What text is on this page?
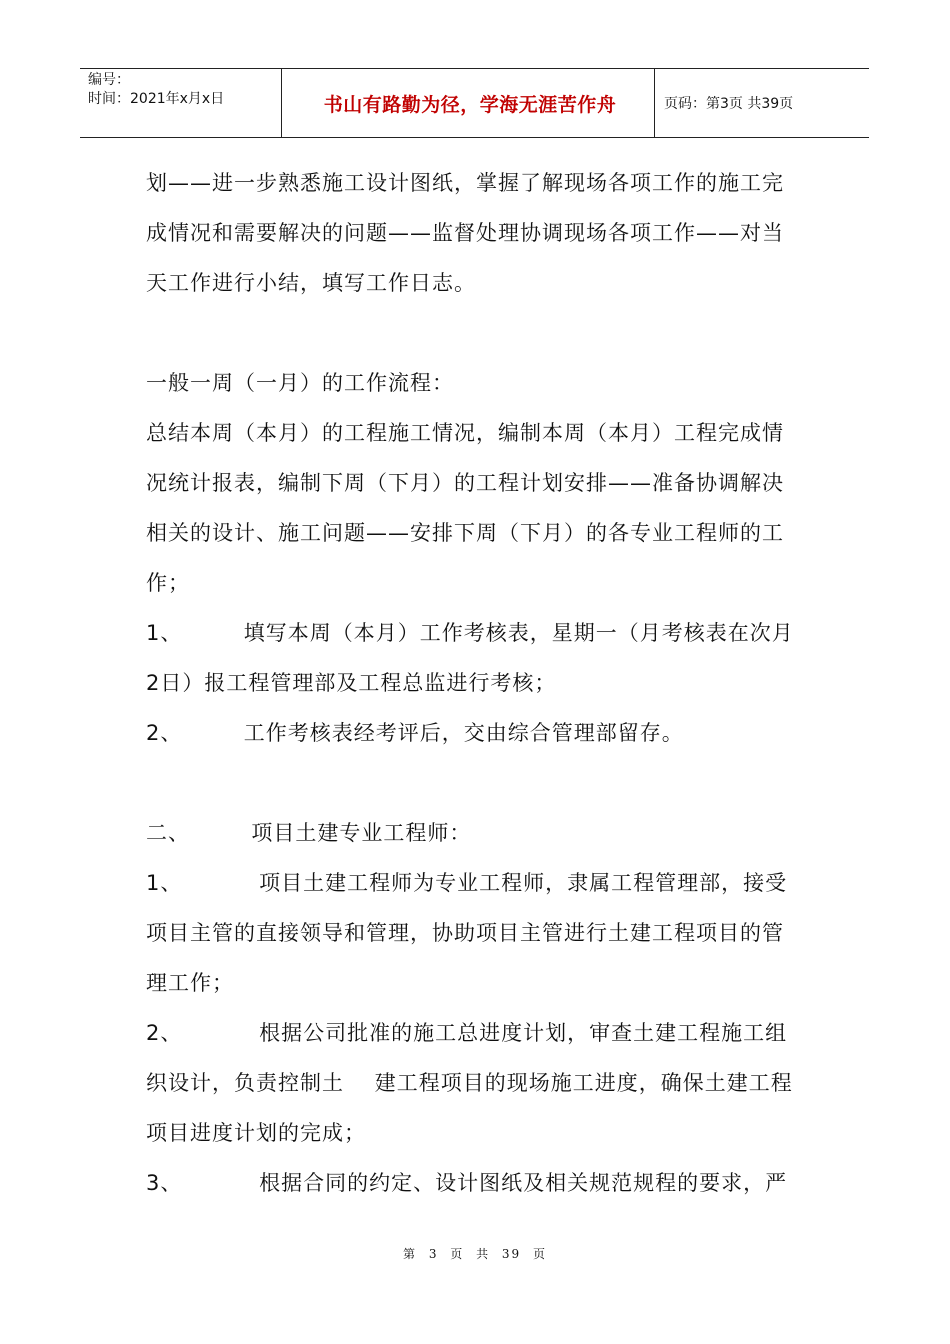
编号：
时间：2021年x月x日	书山有路勤为径，学海无涯苦作舟	页码：第3页 共39页
划——进一步熟悉施工设计图纸，掌握了解现场各项工作的施工完
成情况和需要解决的问题——监督处理协调现场各项工作——对当
天工作进行小结，填写工作日志。
一般一周（一月）的工作流程：
总结本周（本月）的工程施工情况，编制本周（本月）工程完成情
况统计报表，编制下周（下月）的工程计划安排——准备协调解决
相关的设计、施工问题——安排下周（下月）的各专业工程师的工
作；
1、        填写本周（本月）工作考核表，星期一（月考核表在次月
2日）报工程管理部及工程总监进行考核；
2、        工作考核表经考评后，交由综合管理部留存。
二、        项目土建专业工程师：
1、          项目土建工程师为专业工程师，隶属工程管理部，接受
项目主管的直接领导和管理，协助项目主管进行土建工程项目的管
理工作；
2、          根据公司批准的施工总进度计划，审查土建工程施工组
织设计，负责控制土    建工程项目的现场施工进度，确保土建工程
项目进度计划的完成；
3、          根据合同的约定、设计图纸及相关规范规程的要求，严
第 3 页 共 39 页
